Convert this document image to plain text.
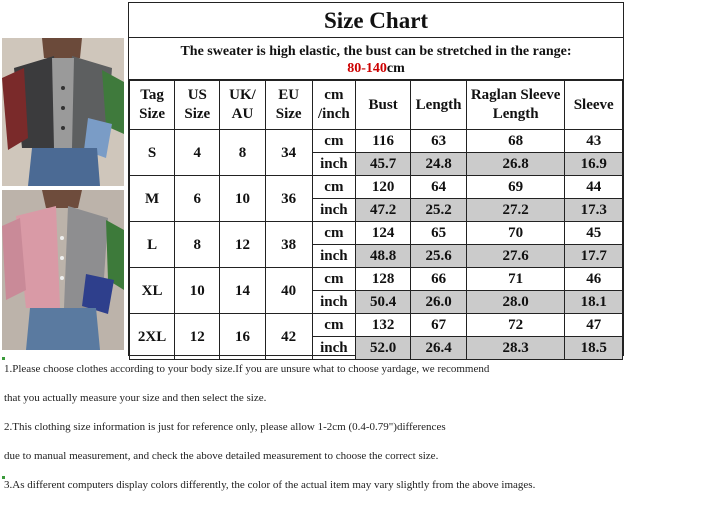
Size Chart
The sweater is high elastic, the bust can be stretched in the range:
80-140cm
Tag Size	US Size	UK/ AU	EU Size	cm /inch	Bust	Length	Raglan Sleeve Length	Sleeve
S	4	8	34	cm	116	63	68	43
				inch	45.7	24.8	26.8	16.9
M	6	10	36	cm	120	64	69	44
				inch	47.2	25.2	27.2	17.3
L	8	12	38	cm	124	65	70	45
				inch	48.8	25.6	27.6	17.7
XL	10	14	40	cm	128	66	71	46
				inch	50.4	26.0	28.0	18.1
2XL	12	16	42	cm	132	67	72	47
				inch	52.0	26.4	28.3	18.5

1.Please choose clothes according to your body size.If you are unsure what to choose yardage, we recommend

that you actually measure your size and then select the size.

2.This clothing size information is just for reference only, please allow 1-2cm (0.4-0.79")differences

due to manual measurement, and check the above detailed measurement to choose the correct size.

3.As different computers display colors differently, the color of the actual item may vary slightly from the above images.
